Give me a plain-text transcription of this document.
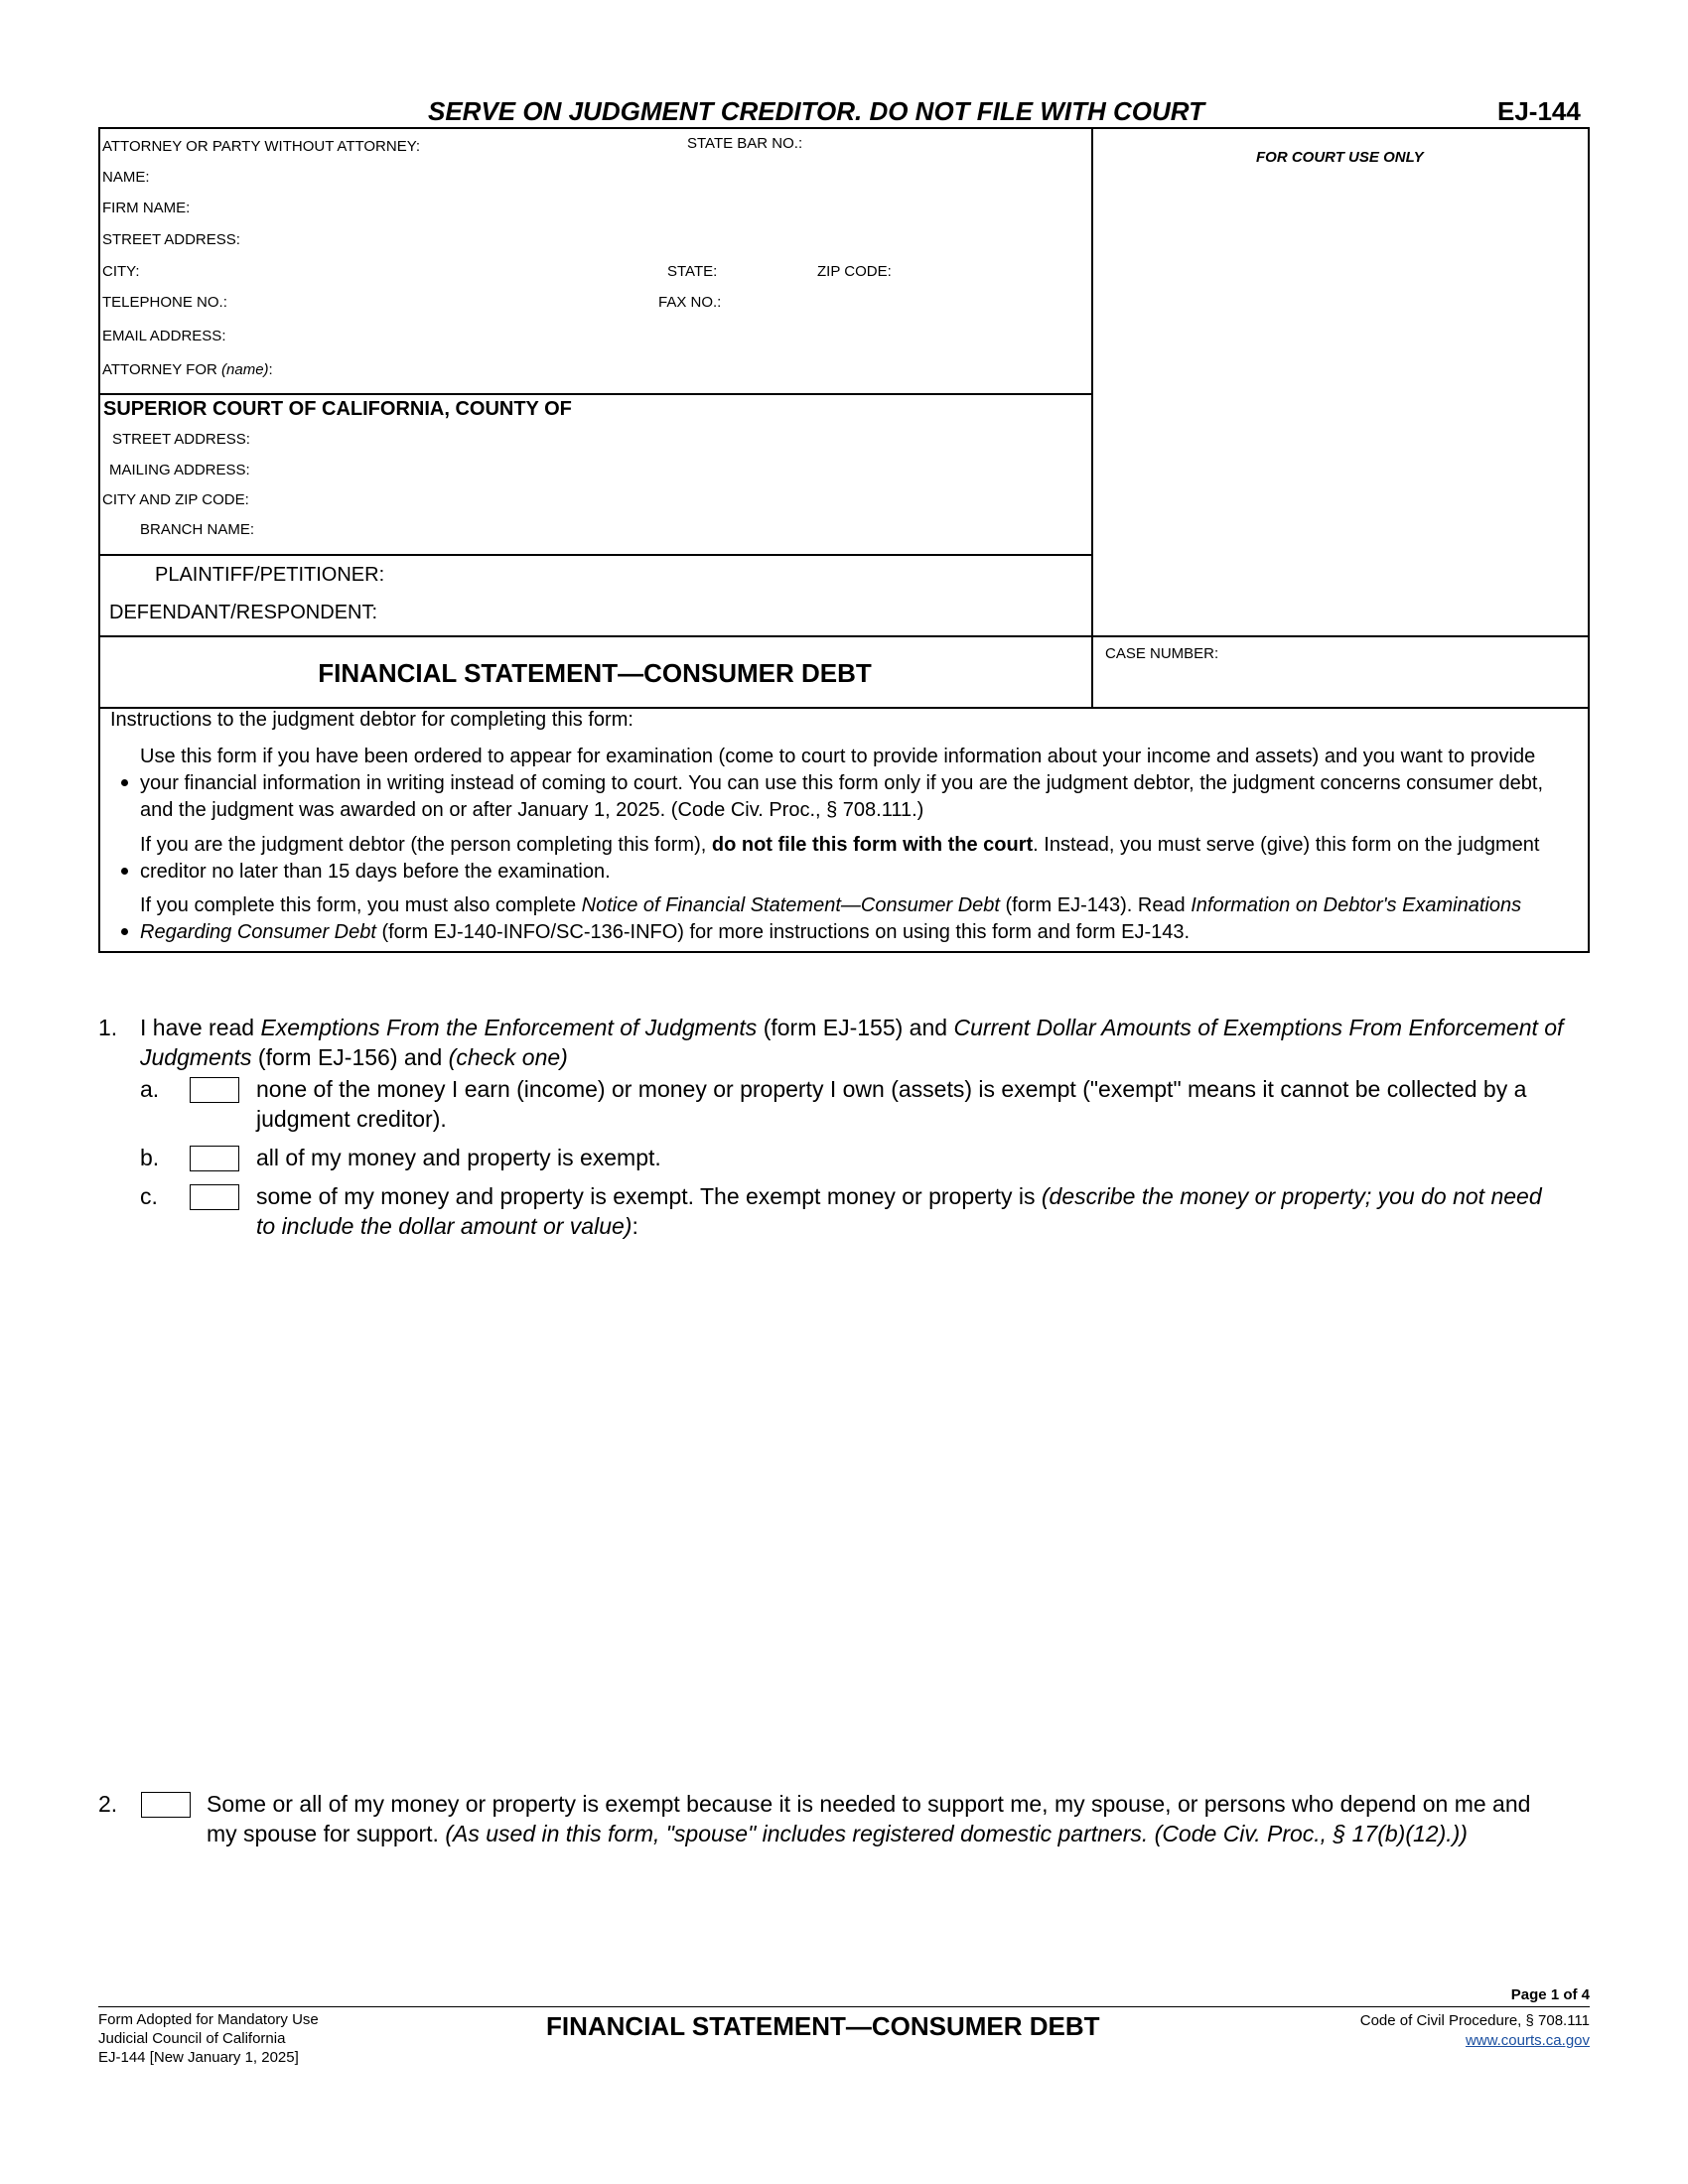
SERVE ON JUDGMENT CREDITOR. DO NOT FILE WITH COURT	EJ-144
ATTORNEY OR PARTY WITHOUT ATTORNEY:	STATE BAR NO.:
NAME:
FIRM NAME:
STREET ADDRESS:
CITY:	STATE:	ZIP CODE:
TELEPHONE NO.:	FAX NO.:
EMAIL ADDRESS:
ATTORNEY FOR (name):
FOR COURT USE ONLY
SUPERIOR COURT OF CALIFORNIA, COUNTY OF
STREET ADDRESS:
MAILING ADDRESS:
CITY AND ZIP CODE:
BRANCH NAME:
PLAINTIFF/PETITIONER:
DEFENDANT/RESPONDENT:
FINANCIAL STATEMENT—CONSUMER DEBT
CASE NUMBER:
Instructions to the judgment debtor for completing this form:
Use this form if you have been ordered to appear for examination (come to court to provide information about your income and assets) and you want to provide your financial information in writing instead of coming to court. You can use this form only if you are the judgment debtor, the judgment concerns consumer debt, and the judgment was awarded on or after January 1, 2025. (Code Civ. Proc., § 708.111.)
If you are the judgment debtor (the person completing this form), do not file this form with the court. Instead, you must serve (give) this form on the judgment creditor no later than 15 days before the examination.
If you complete this form, you must also complete Notice of Financial Statement—Consumer Debt (form EJ-143). Read Information on Debtor's Examinations Regarding Consumer Debt (form EJ-140-INFO/SC-136-INFO) for more instructions on using this form and form EJ-143.
1. I have read Exemptions From the Enforcement of Judgments (form EJ-155) and Current Dollar Amounts of Exemptions From Enforcement of Judgments (form EJ-156) and (check one)
a.	none of the money I earn (income) or money or property I own (assets) is exempt ("exempt" means it cannot be collected by a judgment creditor).
b.	all of my money and property is exempt.
c.	some of my money and property is exempt. The exempt money or property is (describe the money or property; you do not need to include the dollar amount or value):
2.	Some or all of my money or property is exempt because it is needed to support me, my spouse, or persons who depend on me and my spouse for support. (As used in this form, "spouse" includes registered domestic partners. (Code Civ. Proc., § 17(b)(12).))
Page 1 of 4
Form Adopted for Mandatory Use
Judicial Council of California
EJ-144 [New January 1, 2025]
FINANCIAL STATEMENT—CONSUMER DEBT	Code of Civil Procedure, § 708.111
www.courts.ca.gov
